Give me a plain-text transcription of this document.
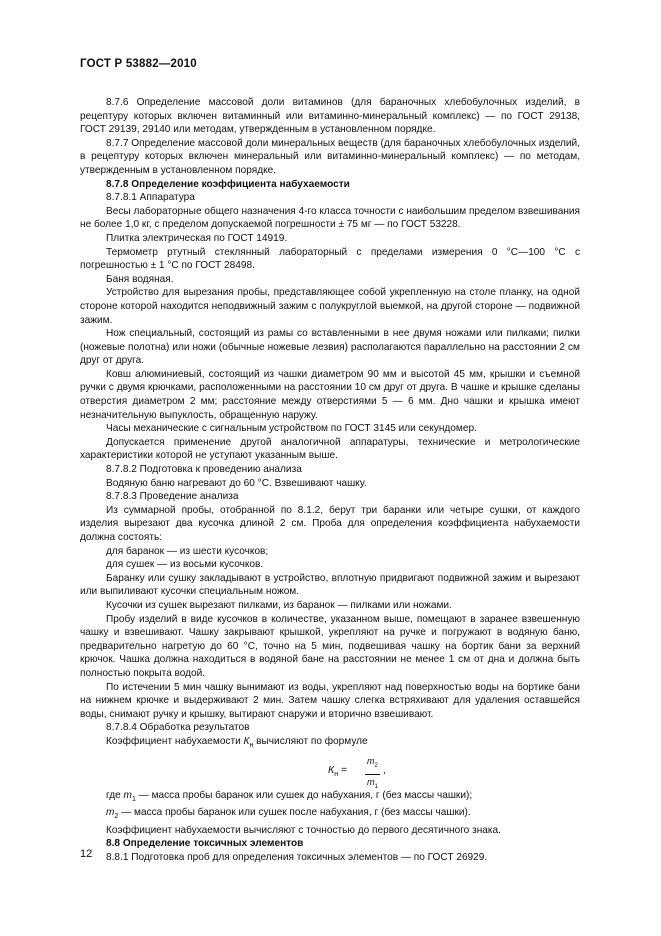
ГОСТ Р 53882—2010

8.7.6 Определение массовой доли витаминов (для бараночных хлебобулочных изделий, в рецептуру которых включен витаминный или витаминно-минеральный комплекс) — по ГОСТ 29138, ГОСТ 29139, 29140 или методам, утвержденным в установленном порядке.

8.7.7 Определение массовой доли минеральных веществ (для бараночных хлебобулочных изделий, в рецептуру которых включен минеральный или витаминно-минеральный комплекс) — по методам, утвержденным в установленном порядке.

8.7.8 Определение коэффициента набухаемости

8.7.8.1 Аппаратура

Весы лабораторные общего назначения 4-го класса точности с наибольшим пределом взвешивания не более 1,0 кг, с пределом допускаемой погрешности ± 75 мг — по ГОСТ 53228.

Плитка электрическая по ГОСТ 14919.

Термометр ртутный стеклянный лабораторный с пределами измерения 0 °С—100 °С с погрешностью ± 1 °С по ГОСТ 28498.

Баня водяная.

Устройство для вырезания пробы, представляющее собой укрепленную на столе планку, на одной стороне которой находится неподвижный зажим с полукруглой выемкой, на другой стороне — подвижной зажим.

Нож специальный, состоящий из рамы со вставленными в нее двумя ножами или пилками; пилки (ножевые полотна) или ножи (обычные ножевые лезвия) располагаются параллельно на расстоянии 2 см друг от друга.

Ковш алюминиевый, состоящий из чашки диаметром 90 мм и высотой 45 мм, крышки и съемной ручки с двумя крючками, расположенными на расстоянии 10 см друг от друга. В чашке и крышке сделаны отверстия диаметром 2 мм; расстояние между отверстиями 5 — 6 мм. Дно чашки и крышка имеют незначительную выпуклость, обращенную наружу.

Часы механические с сигнальным устройством по ГОСТ 3145 или секундомер.

Допускается применение другой аналогичной аппаратуры, технические и метрологические характеристики которой не уступают указанным выше.

8.7.8.2 Подготовка к проведению анализа

Водяную баню нагревают до 60 °С. Взвешивают чашку.

8.7.8.3 Проведение анализа

Из суммарной пробы, отобранной по 8.1.2, берут три баранки или четыре сушки, от каждого изделия вырезают два кусочка длиной 2 см. Проба для определения коэффициента набухаемости должна состоять:

для баранок — из шести кусочков;

для сушек — из восьми кусочков.

Баранку или сушку закладывают в устройство, вплотную придвигают подвижной зажим и вырезают или выпиливают кусочки специальным ножом.

Кусочки из сушек вырезают пилками, из баранок — пилками или ножами.

Пробу изделий в виде кусочков в количестве, указанном выше, помещают в заранее взвешенную чашку и взвешивают. Чашку закрывают крышкой, укрепляют на ручке и погружают в водяную баню, предварительно нагретую до 60 °С, точно на 5 мин, подвешивая чашку на бортик бани за верхний крючок. Чашка должна находиться в водяной бане на расстоянии не менее 1 см от дна и должна быть полностью покрыта водой.

По истечении 5 мин чашку вынимают из воды, укрепляют над поверхностью воды на бортике бани на нижнем крючке и выдерживают 2 мин. Затем чашку слегка встряхивают для удаления оставшейся воды, снимают ручку и крышку, вытирают снаружи и вторично взвешивают.

8.7.8.4 Обработка результатов

Коэффициент набухаемости $К_н$ вычисляют по формуле

$К_н = \frac{m_2}{m_1}$ ,

где $m_1$ — масса пробы баранок или сушек до набухания, г (без массы чашки);

$m_2$ — масса пробы баранок или сушек после набухания, г (без массы чашки).

Коэффициент набухаемости вычисляют с точностью до первого десятичного знака.

8.8 Определение токсичных элементов

8.8.1 Подготовка проб для определения токсичных элементов — по ГОСТ 26929.

12
